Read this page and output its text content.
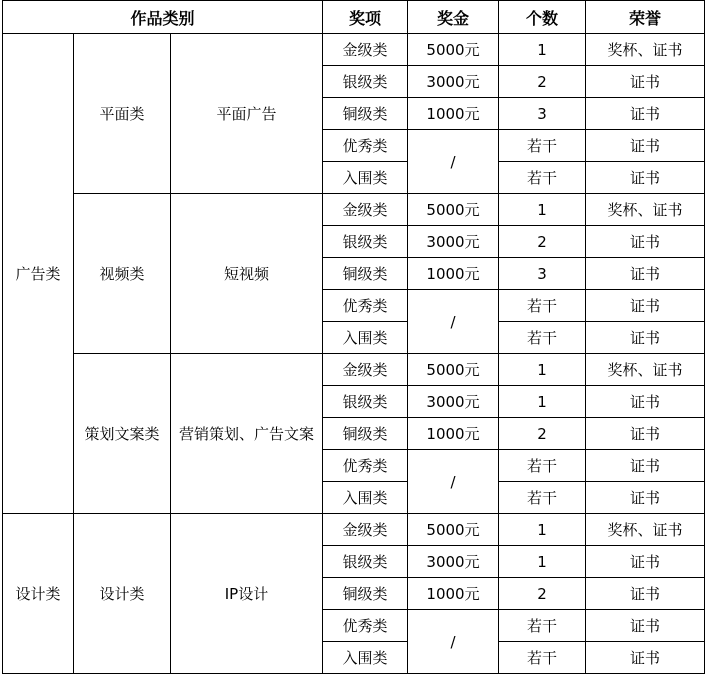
作品类别			奖项	奖金	个数	荣誉
广告类	平面类	平面广告	金级类	5000元	1	奖杯、证书
			银级类	3000元	2	证书
			铜级类	1000元	3	证书
			优秀类	/	若干	证书
			入围类		若干	证书
	视频类	短视频	金级类	5000元	1	奖杯、证书
			银级类	3000元	2	证书
			铜级类	1000元	3	证书
			优秀类	/	若干	证书
			入围类		若干	证书
	策划文案类	营销策划、广告文案	金级类	5000元	1	奖杯、证书
			银级类	3000元	1	证书
			铜级类	1000元	2	证书
			优秀类	/	若干	证书
			入围类		若干	证书
设计类	设计类	IP设计	金级类	5000元	1	奖杯、证书
			银级类	3000元	1	证书
			铜级类	1000元	2	证书
			优秀类	/	若干	证书
			入围类		若干	证书
